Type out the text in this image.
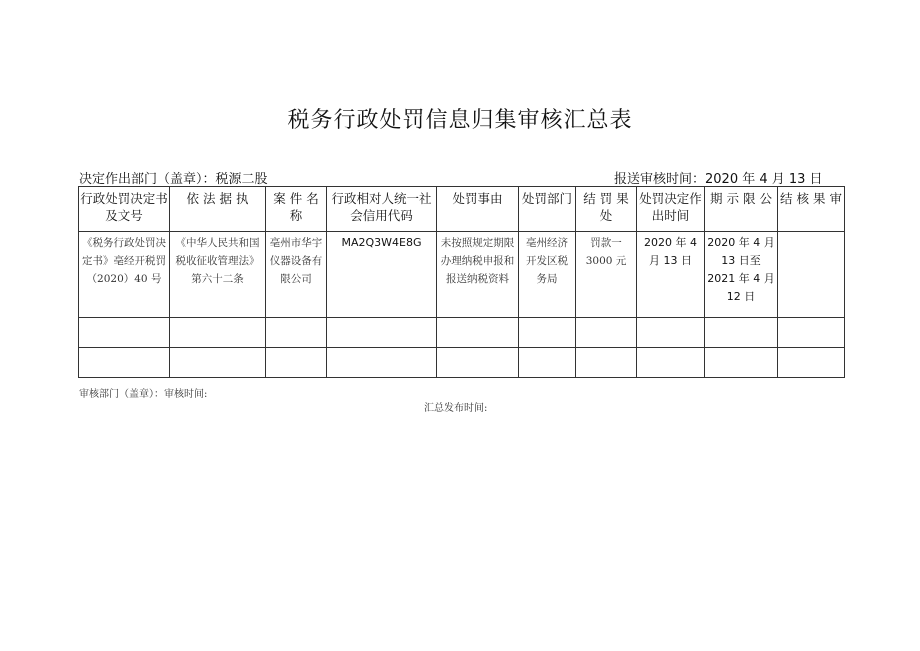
税务行政处罚信息归集审核汇总表
决定作出部门（盖章）：税源二股	报送审核时间：2020 年 4 月 13 日
行政处罚决定书及文号	依 法 据 执	案 件 名 称	行政相对人统一社会信用代码	处罚事由	处罚部门	结 罚 果 处	处罚决定作出时间	期 示 限 公	结 核 果 审

《税务行政处罚决定书》亳经开税罚（2020）40 号	《中华人民共和国税收征收管理法》第六十二条	亳州市华宇仪器设备有限公司	MA2Q3W4E8G	未按照规定期限办理纳税申报和报送纳税资料	亳州经济开发区税务局	罚款一3000 元	2020 年 4 月 13 日	2020 年 4 月 13 日至 2021 年 4 月 12 日	

审核部门（盖章）：审核时间:
汇总发布时间:
